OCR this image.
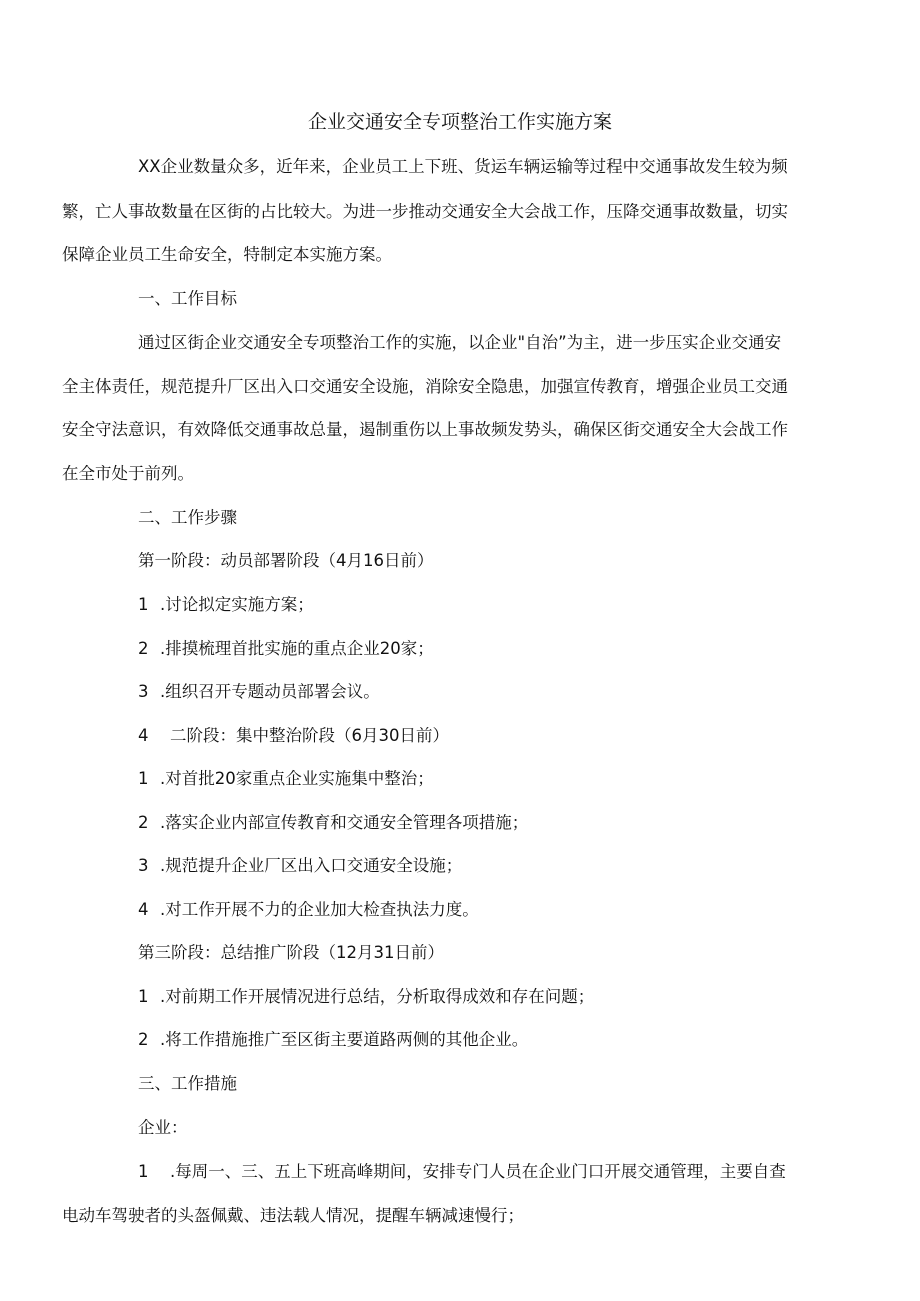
企业交通安全专项整治工作实施方案
XX企业数量众多，近年来，企业员工上下班、货运车辆运输等过程中交通事故发生较为频
繁，亡人事故数量在区街的占比较大。为进一步推动交通安全大会战工作，压降交通事故数量，切实
保障企业员工生命安全，特制定本实施方案。
一、工作目标
通过区街企业交通安全专项整治工作的实施，以企业"自治”为主，进一步压实企业交通安
全主体责任，规范提升厂区出入口交通安全设施，消除安全隐患，加强宣传教育，增强企业员工交通
安全守法意识，有效降低交通事故总量，遏制重伤以上事故频发势头，确保区街交通安全大会战工作
在全市处于前列。
二、工作步骤
第一阶段：动员部署阶段（4月16日前）
1 .讨论拟定实施方案；
2 .排摸梳理首批实施的重点企业20家；
3 .组织召开专题动员部署会议。
4 二阶段：集中整治阶段（6月30日前）
1 .对首批20家重点企业实施集中整治；
2 .落实企业内部宣传教育和交通安全管理各项措施；
3 .规范提升企业厂区出入口交通安全设施；
4 .对工作开展不力的企业加大检查执法力度。
第三阶段：总结推广阶段（12月31日前）
1 .对前期工作开展情况进行总结，分析取得成效和存在问题；
2 .将工作措施推广至区街主要道路两侧的其他企业。
三、工作措施
企业：
1 .每周一、三、五上下班高峰期间，安排专门人员在企业门口开展交通管理，主要自查
电动车驾驶者的头盔佩戴、违法载人情况，提醒车辆减速慢行；
